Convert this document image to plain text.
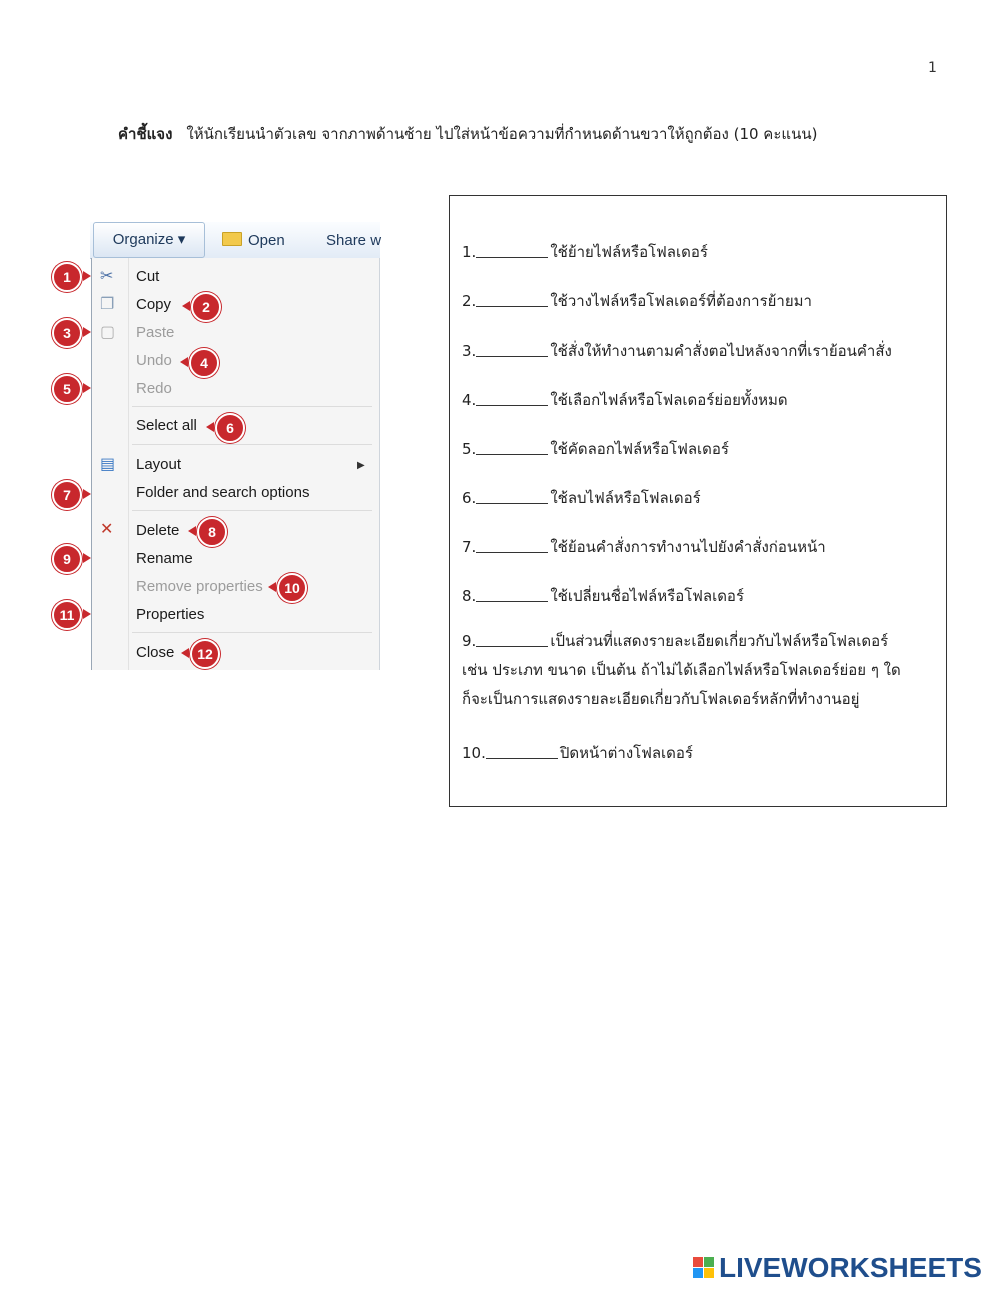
1
คำชี้แจง ให้นักเรียนนำตัวเลข จากภาพด้านซ้าย ไปใส่หน้าข้อความที่กำหนดด้านขวาให้ถูกต้อง (10 คะแนน)
Organize ▾	Open	Share w
✂ Cut
❐ Copy
▢ Paste
Undo
Redo
Select all
▤ Layout	▶
Folder and search options
✕ Delete
Rename
Remove properties
Properties
Close
1
3
5
7
9
11
2
4
6
8
10
12
1.	ใช้ย้ายไฟล์หรือโฟลเดอร์
2.	ใช้วางไฟล์หรือโฟลเดอร์ที่ต้องการย้ายมา
3.	ใช้สั่งให้ทำงานตามคำสั่งตอไปหลังจากที่เราย้อนคำสั่ง
4.	ใช้เลือกไฟล์หรือโฟลเดอร์ย่อยทั้งหมด
5.	ใช้คัดลอกไฟล์หรือโฟลเดอร์
6.	ใช้ลบไฟล์หรือโฟลเดอร์
7.	ใช้ย้อนคำสั่งการทำงานไปยังคำสั่งก่อนหน้า
8.	ใช้เปลี่ยนชื่อไฟล์หรือโฟลเดอร์
9.	เป็นส่วนที่แสดงรายละเอียดเกี่ยวกับไฟล์หรือโฟลเดอร์
เช่น ประเภท ขนาด เป็นต้น ถ้าไม่ได้เลือกไฟล์หรือโฟลเดอร์ย่อย ๆ ใด
ก็จะเป็นการแสดงรายละเอียดเกี่ยวกับโฟลเดอร์หลักที่ทำงานอยู่
10.	ปิดหน้าต่างโฟลเดอร์
LIVEWORKSHEETS
